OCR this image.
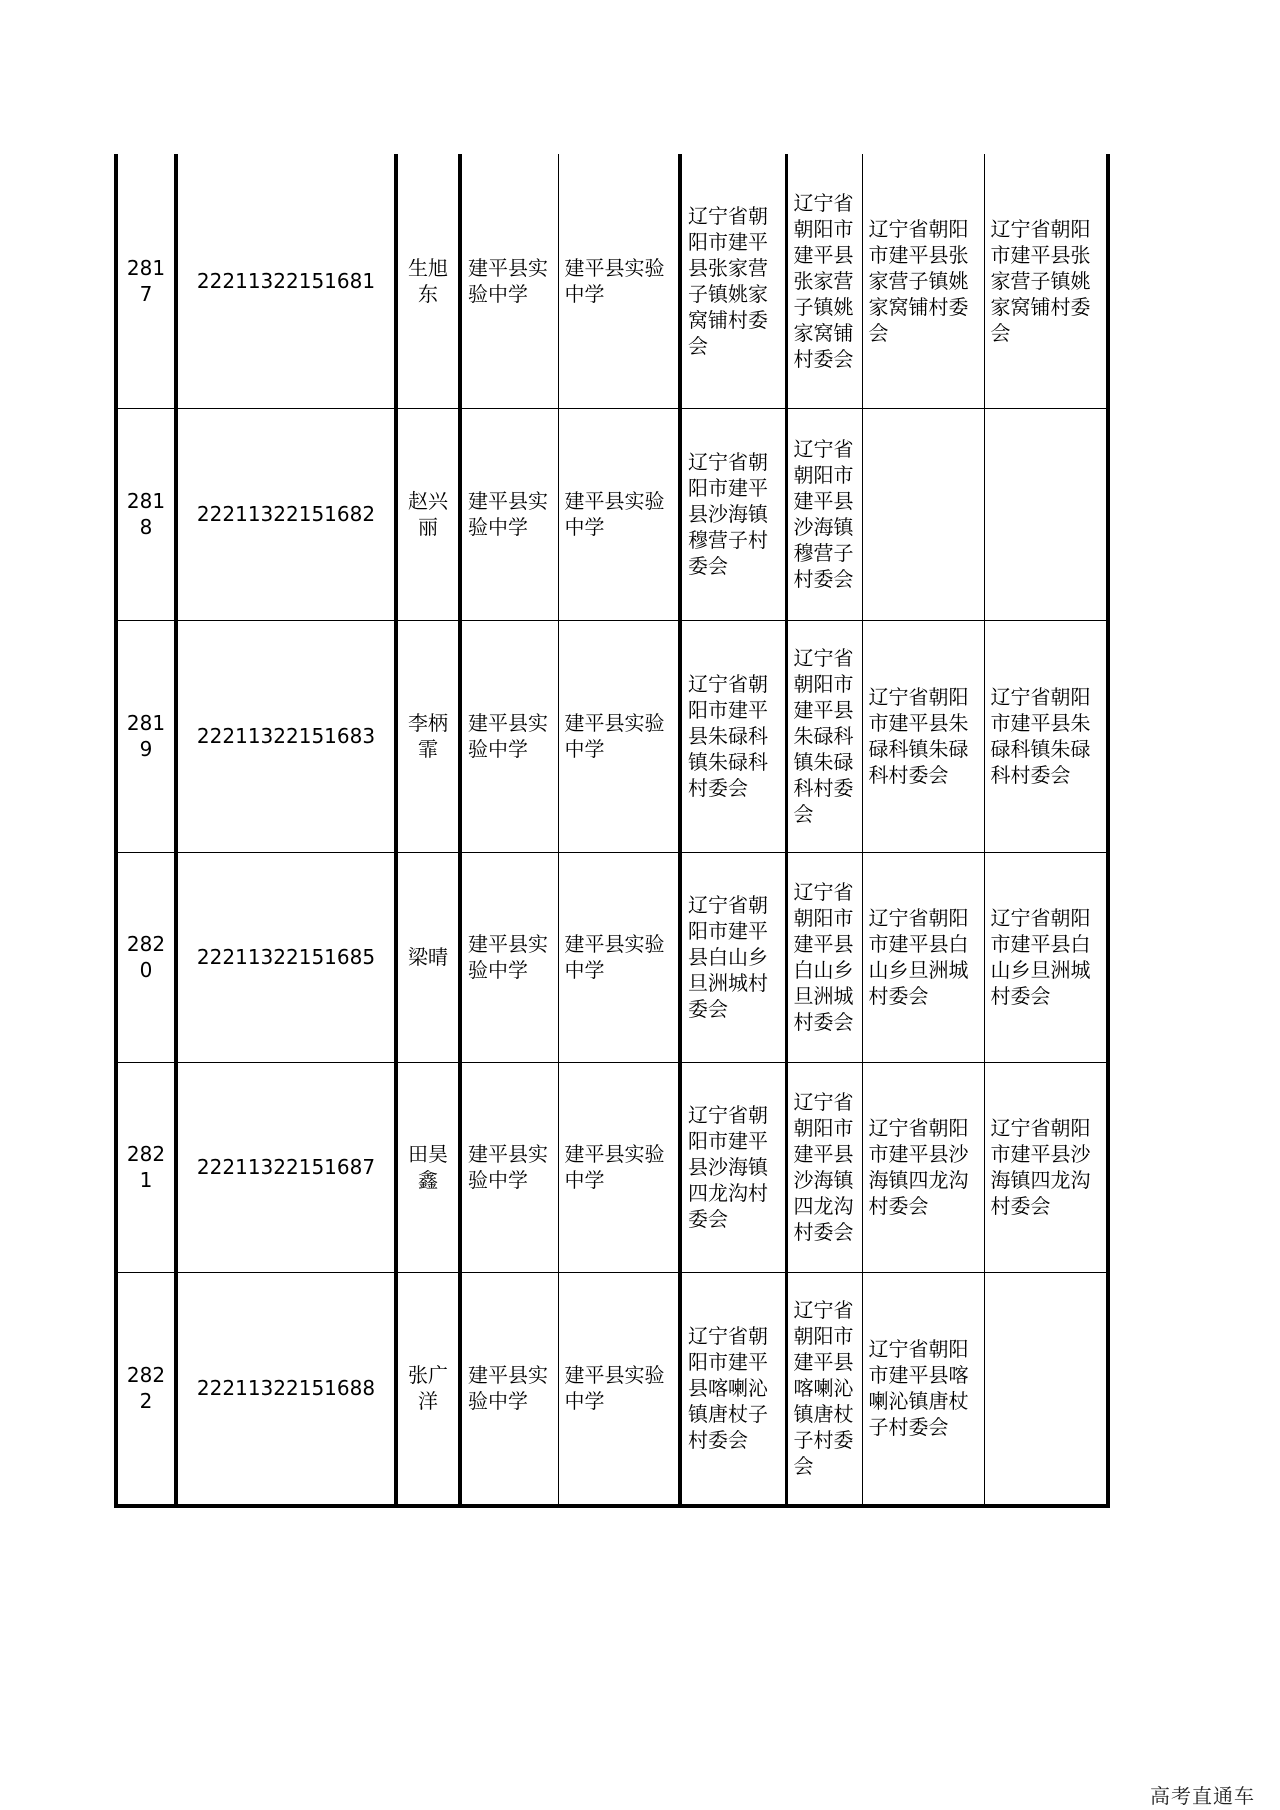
2817	22211322151681	生旭东	建平县实验中学	建平县实验中学	辽宁省朝阳市建平县张家营子镇姚家窝铺村委会	辽宁省朝阳市建平县张家营子镇姚家窝铺村委会	辽宁省朝阳市建平县张家营子镇姚家窝铺村委会	辽宁省朝阳市建平县张家营子镇姚家窝铺村委会
2818	22211322151682	赵兴丽	建平县实验中学	建平县实验中学	辽宁省朝阳市建平县沙海镇穆营子村委会	辽宁省朝阳市建平县沙海镇穆营子村委会		
2819	22211322151683	李柄霏	建平县实验中学	建平县实验中学	辽宁省朝阳市建平县朱碌科镇朱碌科村委会	辽宁省朝阳市建平县朱碌科镇朱碌科村委会	辽宁省朝阳市建平县朱碌科镇朱碌科村委会	辽宁省朝阳市建平县朱碌科镇朱碌科村委会
2820	22211322151685	梁晴	建平县实验中学	建平县实验中学	辽宁省朝阳市建平县白山乡旦洲城村委会	辽宁省朝阳市建平县白山乡旦洲城村委会	辽宁省朝阳市建平县白山乡旦洲城村委会	辽宁省朝阳市建平县白山乡旦洲城村委会
2821	22211322151687	田昊鑫	建平县实验中学	建平县实验中学	辽宁省朝阳市建平县沙海镇四龙沟村委会	辽宁省朝阳市建平县沙海镇四龙沟村委会	辽宁省朝阳市建平县沙海镇四龙沟村委会	辽宁省朝阳市建平县沙海镇四龙沟村委会
2822	22211322151688	张广洋	建平县实验中学	建平县实验中学	辽宁省朝阳市建平县喀喇沁镇唐杖子村委会	辽宁省朝阳市建平县喀喇沁镇唐杖子村委会	辽宁省朝阳市建平县喀喇沁镇唐杖子村委会	
高考直通车
